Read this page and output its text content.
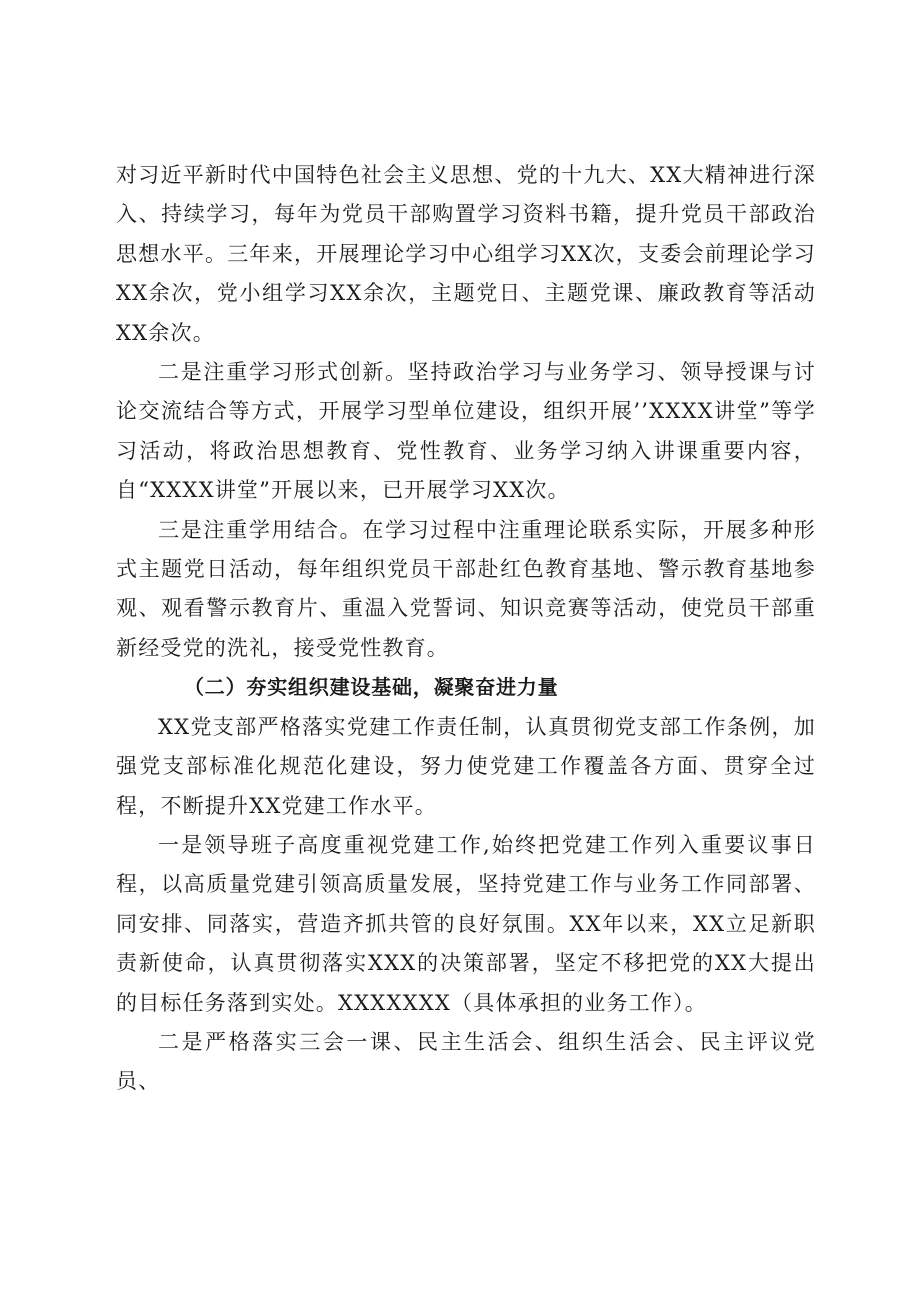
对习近平新时代中国特色社会主义思想、党的十九大、XX大精神进行深入、持续学习，每年为党员干部购置学习资料书籍，提升党员干部政治思想水平。三年来，开展理论学习中心组学习XX次，支委会前理论学习XX余次，党小组学习XX余次，主题党日、主题党课、廉政教育等活动XX余次。

二是注重学习形式创新。坚持政治学习与业务学习、领导授课与讨论交流结合等方式，开展学习型单位建设，组织开展’’XXXX讲堂”等学习活动，将政治思想教育、党性教育、业务学习纳入讲课重要内容，自“XXXX讲堂”开展以来，已开展学习XX次。

三是注重学用结合。在学习过程中注重理论联系实际，开展多种形式主题党日活动，每年组织党员干部赴红色教育基地、警示教育基地参观、观看警示教育片、重温入党誓词、知识竞赛等活动，使党员干部重新经受党的洗礼，接受党性教育。

（二）夯实组织建设基础，凝聚奋进力量

XX党支部严格落实党建工作责任制，认真贯彻党支部工作条例，加强党支部标准化规范化建设，努力使党建工作覆盖各方面、贯穿全过程，不断提升XX党建工作水平。

一是领导班子高度重视党建工作,始终把党建工作列入重要议事日程，以高质量党建引领高质量发展，坚持党建工作与业务工作同部署、同安排、同落实，营造齐抓共管的良好氛围。XX年以来，XX立足新职责新使命，认真贯彻落实XXX的决策部署，坚定不移把党的XX大提出的目标任务落到实处。XXXXXXX（具体承担的业务工作）。

二是严格落实三会一课、民主生活会、组织生活会、民主评议党员、
